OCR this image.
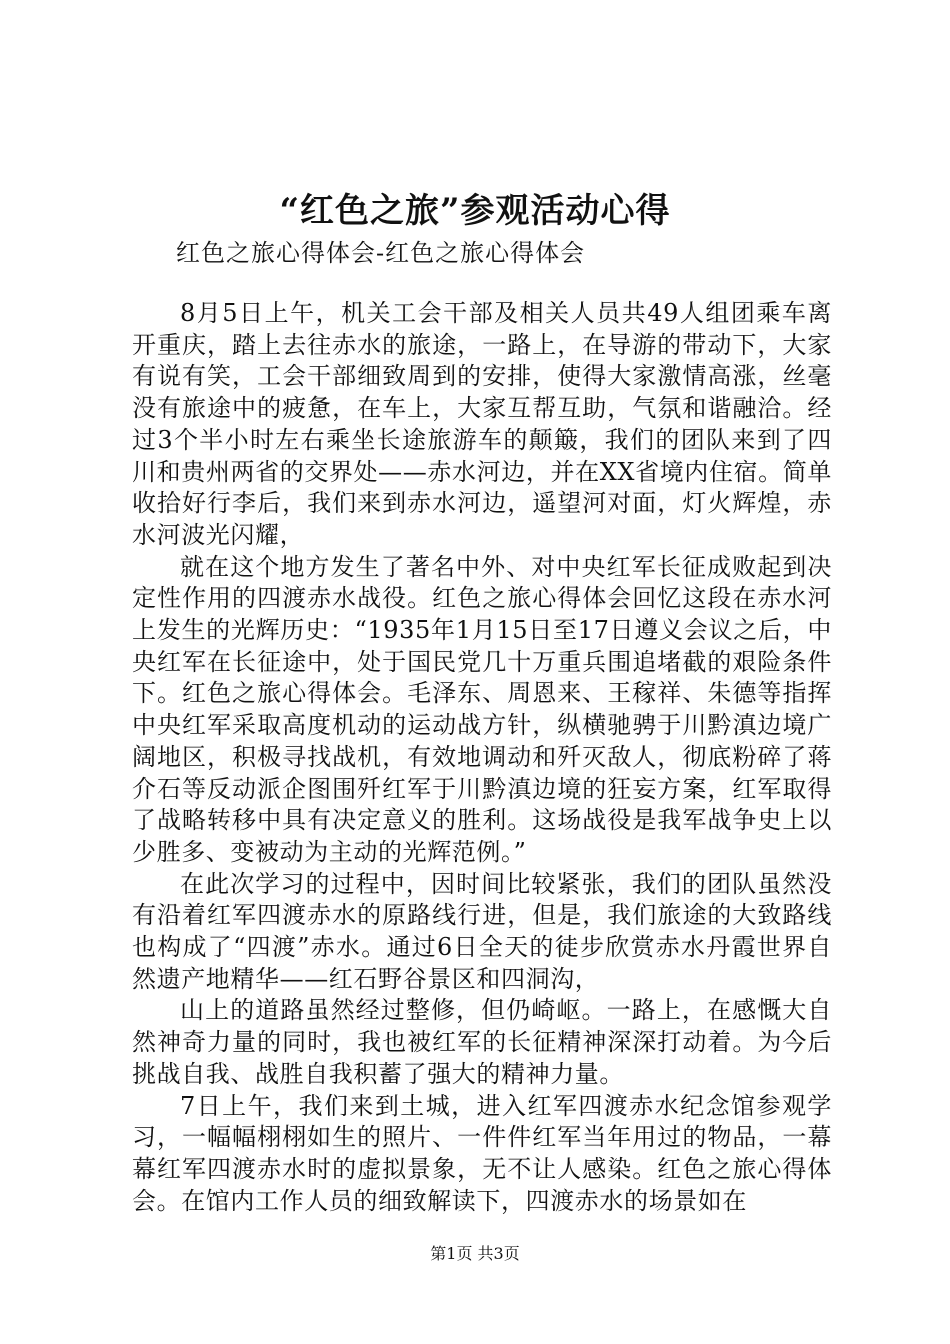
“红色之旅”参观活动心得
红色之旅心得体会-红色之旅心得体会

8月5日上午，机关工会干部及相关人员共49人组团乘车离开重庆，踏上去往赤水的旅途，一路上，在导游的带动下，大家有说有笑，工会干部细致周到的安排，使得大家激情高涨，丝毫没有旅途中的疲惫，在车上，大家互帮互助，气氛和谐融洽。经过3个半小时左右乘坐长途旅游车的颠簸，我们的团队来到了四川和贵州两省的交界处——赤水河边，并在XX省境内住宿。简单收拾好行李后，我们来到赤水河边，遥望河对面，灯火辉煌，赤水河波光闪耀，

就在这个地方发生了著名中外、对中央红军长征成败起到决定性作用的四渡赤水战役。红色之旅心得体会回忆这段在赤水河上发生的光辉历史：“1935年1月15日至17日遵义会议之后，中央红军在长征途中，处于国民党几十万重兵围追堵截的艰险条件下。红色之旅心得体会。毛泽东、周恩来、王稼祥、朱德等指挥中央红军采取高度机动的运动战方针，纵横驰骋于川黔滇边境广阔地区，积极寻找战机，有效地调动和歼灭敌人，彻底粉碎了蒋介石等反动派企图围歼红军于川黔滇边境的狂妄方案，红军取得了战略转移中具有决定意义的胜利。这场战役是我军战争史上以少胜多、变被动为主动的光辉范例。”

在此次学习的过程中，因时间比较紧张，我们的团队虽然没有沿着红军四渡赤水的原路线行进，但是，我们旅途的大致路线也构成了“四渡”赤水。通过6日全天的徒步欣赏赤水丹霞世界自然遗产地精华——红石野谷景区和四洞沟，

山上的道路虽然经过整修，但仍崎岖。一路上，在感慨大自然神奇力量的同时，我也被红军的长征精神深深打动着。为今后挑战自我、战胜自我积蓄了强大的精神力量。

7日上午，我们来到土城，进入红军四渡赤水纪念馆参观学习，一幅幅栩栩如生的照片、一件件红军当年用过的物品，一幕幕红军四渡赤水时的虚拟景象，无不让人感染。红色之旅心得体会。在馆内工作人员的细致解读下，四渡赤水的场景如在

第1页 共3页
